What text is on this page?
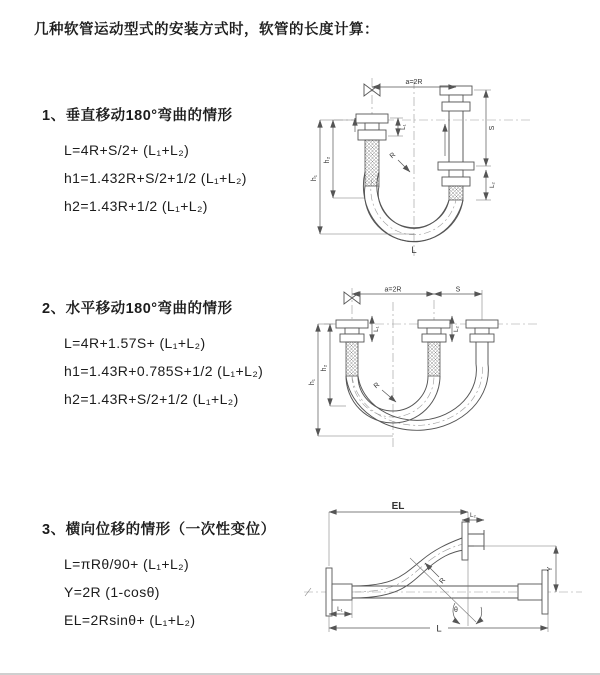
几种软管运动型式的安装方式时，软管的长度计算：
1、垂直移动180°弯曲的情形
L=4R+S/2+ (L₁+L₂)
h1=1.432R+S/2+1/2 (L₁+L₂)
h2=1.43R+1/2 (L₁+L₂)
a=2R
h₁
h₂
L₁	S
L₂
R
L
2、水平移动180°弯曲的情形
L=4R+1.57S+ (L₁+L₂)
h1=1.43R+0.785S+1/2 (L₁+L₂)
h2=1.43R+S/2+1/2 (L₁+L₂)
a=2R	S
h₁
h₂
L₁	L₂
R
3、横向位移的情形（一次性变位）
L=πRθ/90+ (L₁+L₂)
Y=2R (1-cosθ)
EL=2Rsinθ+ (L₁+L₂)
θ
EL
L₂
Y
L
L₁
R
